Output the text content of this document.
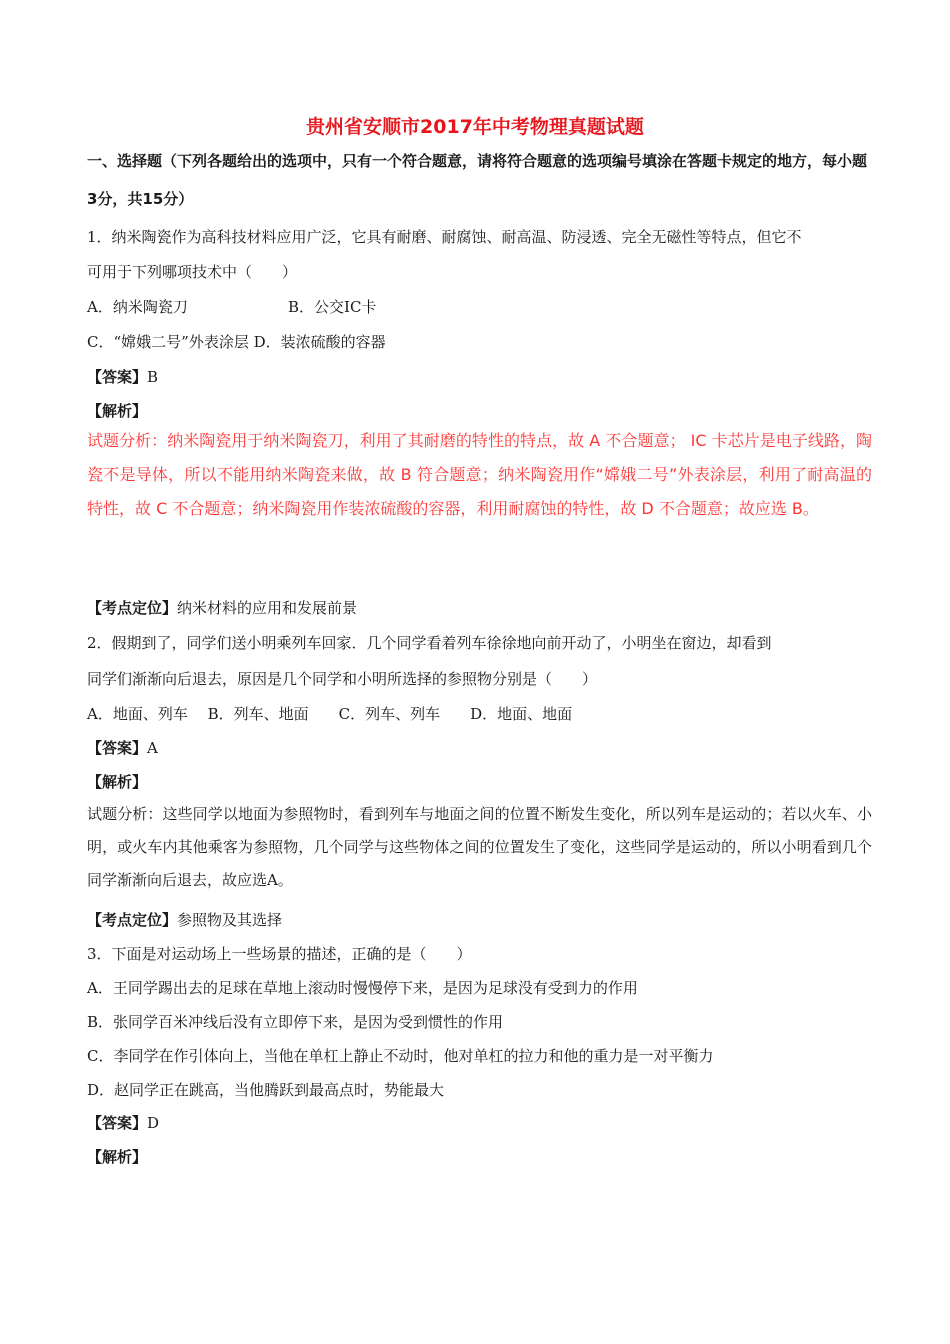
贵州省安顺市2017年中考物理真题试题
一、选择题（下列各题给出的选项中，只有一个符合题意，请将符合题意的选项编号填涂在答题卡规定的地方，每小题3分，共15分）
1．纳米陶瓷作为高科技材料应用广泛，它具有耐磨、耐腐蚀、耐高温、防浸透、完全无磁性等特点，但它不
可用于下列哪项技术中（　　）
A．纳米陶瓷刀	B．公交IC卡
C．“嫦娥二号”外表涂层 D．装浓硫酸的容器
【答案】B
【解析】
试题分析：纳米陶瓷用于纳米陶瓷刀，利用了其耐磨的特性的特点，故 A 不合题意； IC 卡芯片是电子线路，陶瓷不是导体，所以不能用纳米陶瓷来做，故 B 符合题意；纳米陶瓷用作“嫦娥二号”外表涂层，利用了耐高温的特性，故 C 不合题意；纳米陶瓷用作装浓硫酸的容器，利用耐腐蚀的特性，故 D 不合题意；故应选 B。
【考点定位】纳米材料的应用和发展前景
2．假期到了，同学们送小明乘列车回家．几个同学看着列车徐徐地向前开动了，小明坐在窗边，却看到
同学们渐渐向后退去，原因是几个同学和小明所选择的参照物分别是（　　）
A．地面、列车　 B．列车、地面　　C．列车、列车　　D．地面、地面
【答案】A
【解析】
试题分析：这些同学以地面为参照物时，看到列车与地面之间的位置不断发生变化，所以列车是运动的；若以火车、小明，或火车内其他乘客为参照物，几个同学与这些物体之间的位置发生了变化，这些同学是运动的，所以小明看到几个同学渐渐向后退去，故应选A。
【考点定位】参照物及其选择
3．下面是对运动场上一些场景的描述，正确的是（　　）
A．王同学踢出去的足球在草地上滚动时慢慢停下来，是因为足球没有受到力的作用
B．张同学百米冲线后没有立即停下来，是因为受到惯性的作用
C．李同学在作引体向上，当他在单杠上静止不动时，他对单杠的拉力和他的重力是一对平衡力
D．赵同学正在跳高，当他腾跃到最高点时，势能最大
【答案】D
【解析】
